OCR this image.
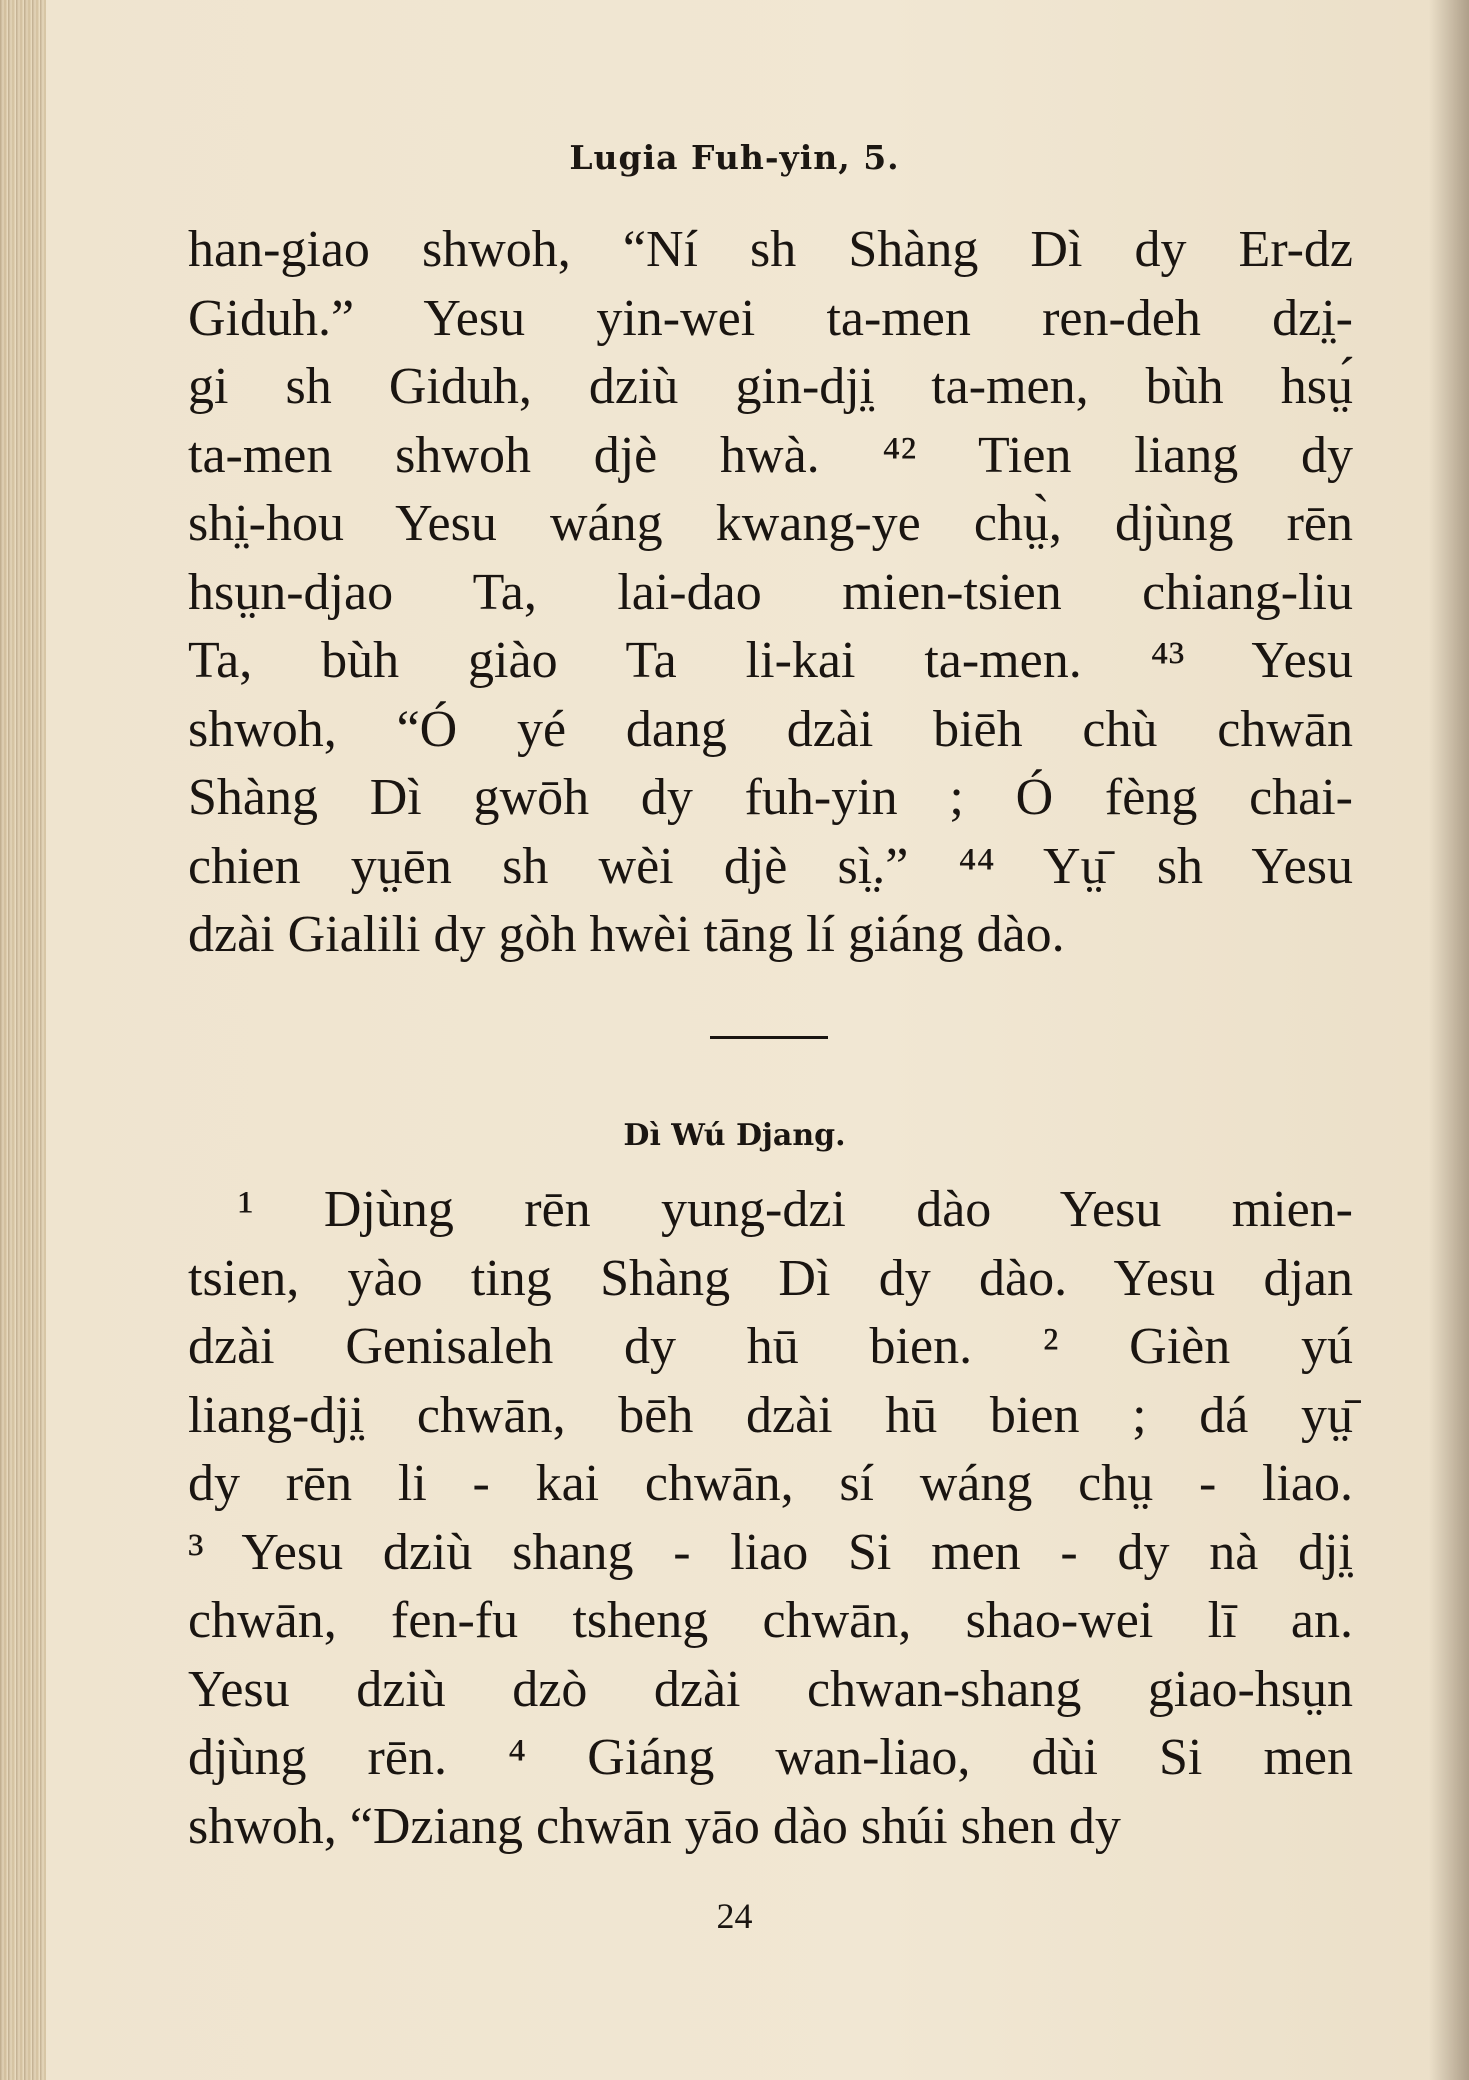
Lugia Fuh-yin, 5.
han-giao shwoh, “Ní sh Shàng Dì dy Er-dz
Giduh.” Yesu yin-wei ta-men ren-deh dzi̤-
gi sh Giduh, dziù gin-dji̤ ta-men, bùh hsṳ́
ta-men shwoh djè hwà. ⁴² Tien liang dy
shi̤-hou Yesu wáng kwang-ye chṳ̀, djùng rēn
hsṳn-djao Ta, lai-dao mien-tsien chiang-liu
Ta, bùh giào Ta li-kai ta-men. ⁴³ Yesu
shwoh, “Ó yé dang dzài biēh chù chwān
Shàng Dì gwōh dy fuh-yin ; Ó fèng chai-
chien yṳēn sh wèi djè sì̤.” ⁴⁴ Yṳ̄ sh Yesu
dzài Gialili dy gòh hwèi tāng lí giáng dào.
Dì Wú Djang.
¹ Djùng rēn yung-dzi dào Yesu mien-
tsien, yào ting Shàng Dì dy dào. Yesu djan
dzài Genisaleh dy hū bien. ² Gièn yú
liang-dji̤ chwān, bēh dzài hū bien ; dá yṳ̄
dy rēn li - kai chwān, sí wáng chṳ - liao.
³ Yesu dziù shang - liao Si men - dy nà dji̤
chwān, fen-fu tsheng chwān, shao-wei lī an.
Yesu dziù dzò dzài chwan-shang giao-hsṳn
djùng rēn. ⁴ Giáng wan-liao, dùi Si men
shwoh, “Dziang chwān yāo dào shúi shen dy
24
